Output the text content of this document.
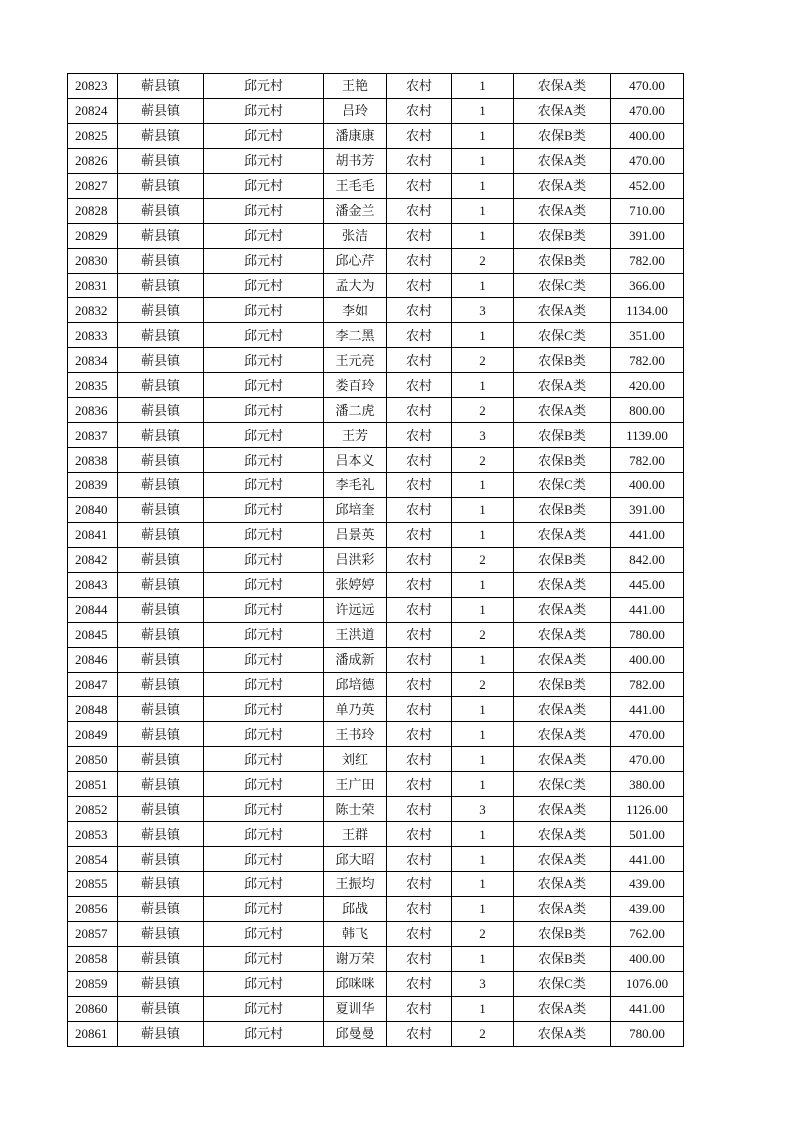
20823	蕲县镇	邱元村	王艳	农村	1	农保A类	470.00
20824	蕲县镇	邱元村	吕玲	农村	1	农保A类	470.00
20825	蕲县镇	邱元村	潘康康	农村	1	农保B类	400.00
20826	蕲县镇	邱元村	胡书芳	农村	1	农保A类	470.00
20827	蕲县镇	邱元村	王毛毛	农村	1	农保A类	452.00
20828	蕲县镇	邱元村	潘金兰	农村	1	农保A类	710.00
20829	蕲县镇	邱元村	张洁	农村	1	农保B类	391.00
20830	蕲县镇	邱元村	邱心芹	农村	2	农保B类	782.00
20831	蕲县镇	邱元村	孟大为	农村	1	农保C类	366.00
20832	蕲县镇	邱元村	李如	农村	3	农保A类	1134.00
20833	蕲县镇	邱元村	李二黑	农村	1	农保C类	351.00
20834	蕲县镇	邱元村	王元亮	农村	2	农保B类	782.00
20835	蕲县镇	邱元村	娄百玲	农村	1	农保A类	420.00
20836	蕲县镇	邱元村	潘二虎	农村	2	农保A类	800.00
20837	蕲县镇	邱元村	王芳	农村	3	农保B类	1139.00
20838	蕲县镇	邱元村	吕本义	农村	2	农保B类	782.00
20839	蕲县镇	邱元村	李毛礼	农村	1	农保C类	400.00
20840	蕲县镇	邱元村	邱培奎	农村	1	农保B类	391.00
20841	蕲县镇	邱元村	吕景英	农村	1	农保A类	441.00
20842	蕲县镇	邱元村	吕洪彩	农村	2	农保B类	842.00
20843	蕲县镇	邱元村	张婷婷	农村	1	农保A类	445.00
20844	蕲县镇	邱元村	许远远	农村	1	农保A类	441.00
20845	蕲县镇	邱元村	王洪道	农村	2	农保A类	780.00
20846	蕲县镇	邱元村	潘成新	农村	1	农保A类	400.00
20847	蕲县镇	邱元村	邱培德	农村	2	农保B类	782.00
20848	蕲县镇	邱元村	单乃英	农村	1	农保A类	441.00
20849	蕲县镇	邱元村	王书玲	农村	1	农保A类	470.00
20850	蕲县镇	邱元村	刘红	农村	1	农保A类	470.00
20851	蕲县镇	邱元村	王广田	农村	1	农保C类	380.00
20852	蕲县镇	邱元村	陈士荣	农村	3	农保A类	1126.00
20853	蕲县镇	邱元村	王群	农村	1	农保A类	501.00
20854	蕲县镇	邱元村	邱大昭	农村	1	农保A类	441.00
20855	蕲县镇	邱元村	王振均	农村	1	农保A类	439.00
20856	蕲县镇	邱元村	邱战	农村	1	农保A类	439.00
20857	蕲县镇	邱元村	韩飞	农村	2	农保B类	762.00
20858	蕲县镇	邱元村	谢万荣	农村	1	农保B类	400.00
20859	蕲县镇	邱元村	邱咪咪	农村	3	农保C类	1076.00
20860	蕲县镇	邱元村	夏训华	农村	1	农保A类	441.00
20861	蕲县镇	邱元村	邱曼曼	农村	2	农保A类	780.00
